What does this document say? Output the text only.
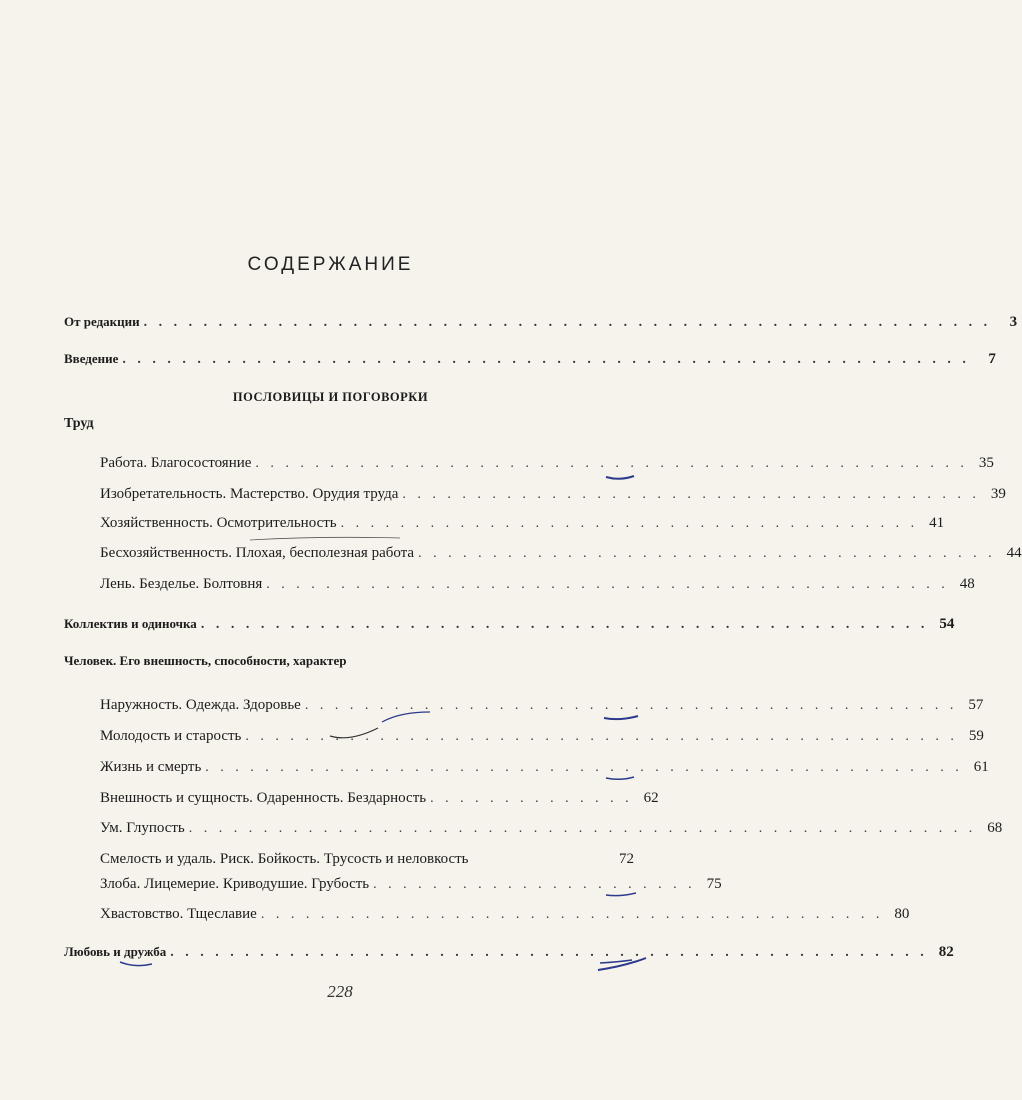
СОДЕРЖАНИЕ
От редакции . . . . . . . . . . . . . . . . . . . . . . . . . . . . . . . . . . . . . . . . . . . . . . . . . . . . . . . . .	3
Введение . . . . . . . . . . . . . . . . . . . . . . . . . . . . . . . . . . . . . . . . . . . . . . . . . . . . . . . . .	7
ПОСЛОВИЦЫ И ПОГОВОРКИ
Труд
Работа. Благосостояние . . . . . . . . . . . . . . . . . . . . . . . . . . . . . . . . . . . . . . . . . . . . . . . . 35
Изобретательность. Мастерство. Орудия труда . . . . . . . . . . . . . . . . . . . . . . . . . . . . . . . . . . . . . . . 39
Хозяйственность. Осмотрительность . . . . . . . . . . . . . . . . . . . . . . . . . . . . . . . . . . . . . . . 41
Бесхозяйственность. Плохая, бесполезная работа . . . . . . . . . . . . . . . . . . . . . . . . . . . . . . . . . . . . . . . 44
Лень. Безделье. Болтовня . . . . . . . . . . . . . . . . . . . . . . . . . . . . . . . . . . . . . . . . . . . . . . 48
Коллектив и одиночка . . . . . . . . . . . . . . . . . . . . . . . . . . . . . . . . . . . . . . . . . . . . . . . . . 54
Человек. Его внешность, способности, характер
Наружность. Одежда. Здоровье . . . . . . . . . . . . . . . . . . . . . . . . . . . . . . . . . . . . . . . . . . . . 57
Молодость и старость . . . . . . . . . . . . . . . . . . . . . . . . . . . . . . . . . . . . . . . . . . . . . . . . 59
Жизнь и смерть . . . . . . . . . . . . . . . . . . . . . . . . . . . . . . . . . . . . . . . . . . . . . . . . . . . 61
Внешность и сущность. Одаренность. Бездарность . . . . . . . . . . . . . . 62
Ум. Глупость . . . . . . . . . . . . . . . . . . . . . . . . . . . . . . . . . . . . . . . . . . . . . . . . . . . . . 68
Смелость и удаль. Риск. Бойкость. Трусость и неловкость	72
Злоба. Лицемерие. Криводушие. Грубость . . . . . . . . . . . . . . . . . . . . . . 75
Хвастовство. Тщеславие . . . . . . . . . . . . . . . . . . . . . . . . . . . . . . . . . . . . . . . . . . 80
Любовь и дружба . . . . . . . . . . . . . . . . . . . . . . . . . . . . . . . . . . . . . . . . . . . . . . . . . . . 82
228
